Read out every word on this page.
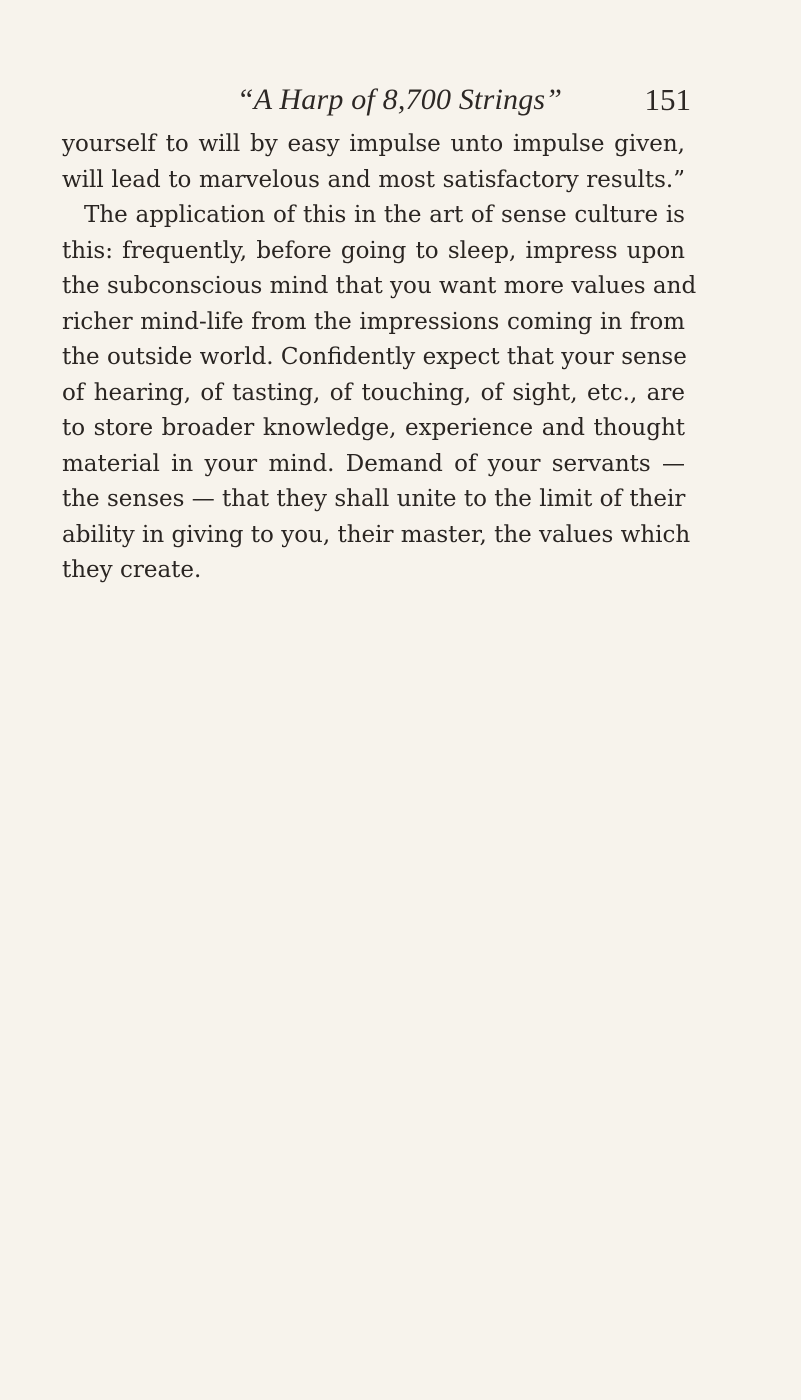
“A Harp of 8,700 Strings”	151
yourself to will by easy impulse unto impulse given,
will lead to marvelous and most satisfactory results.”
The application of this in the art of sense culture is
this: frequently, before going to sleep, impress upon
the subconscious mind that you want more values and
richer mind-life from the impressions coming in from
the outside world. Confidently expect that your sense
of hearing, of tasting, of touching, of sight, etc., are
to store broader knowledge, experience and thought
material in your mind. Demand of your servants —
the senses — that they shall unite to the limit of their
ability in giving to you, their master, the values which
they create.
